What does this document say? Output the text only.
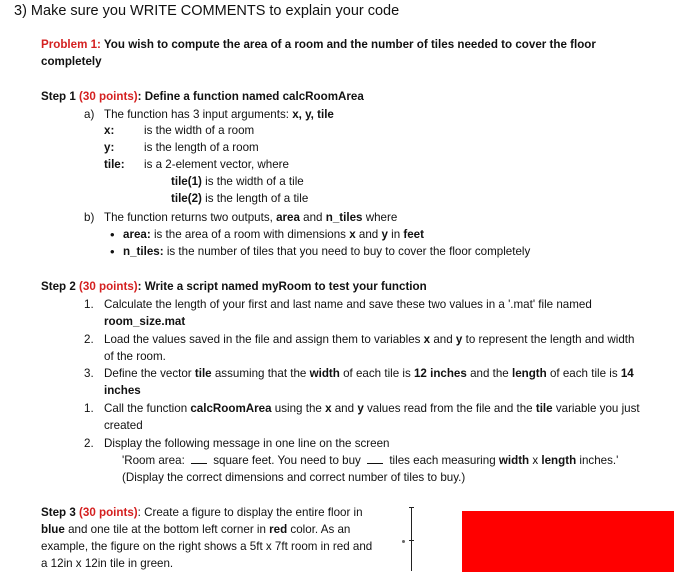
3) Make sure you WRITE COMMENTS to explain your code
Problem 1: You wish to compute the area of a room and the number of tiles needed to cover the floor
completely
Step 1 (30 points): Define a function named calcRoomArea
a) The function has 3 input arguments: x, y, tile
x:	is the width of a room
y:	is the length of a room
tile: is a 2-element vector, where
tile(1) is the width of a tile
tile(2) is the length of a tile
b) The function returns two outputs, area and n_tiles where
• area: is the area of a room with dimensions x and y in feet
• n_tiles: is the number of tiles that you need to buy to cover the floor completely
Step 2 (30 points): Write a script named myRoom to test your function
1. Calculate the length of your first and last name and save these two values in a '.mat' file named
room_size.mat
2. Load the values saved in the file and assign them to variables x and y to represent the length and width
of the room.
3. Define the vector tile assuming that the width of each tile is 12 inches and the length of each tile is 14
inches
1. Call the function calcRoomArea using the x and y values read from the file and the tile variable you just
created
2. Display the following message in one line on the screen
'Room area:  square feet. You need to buy  tiles each measuring width x length inches.'
(Display the correct dimensions and correct number of tiles to buy.)
Step 3 (30 points): Create a figure to display the entire floor in
blue and one tile at the bottom left corner in red color. As an
example, the figure on the right shows a 5ft x 7ft room in red and
a 12in x 12in tile in green.
